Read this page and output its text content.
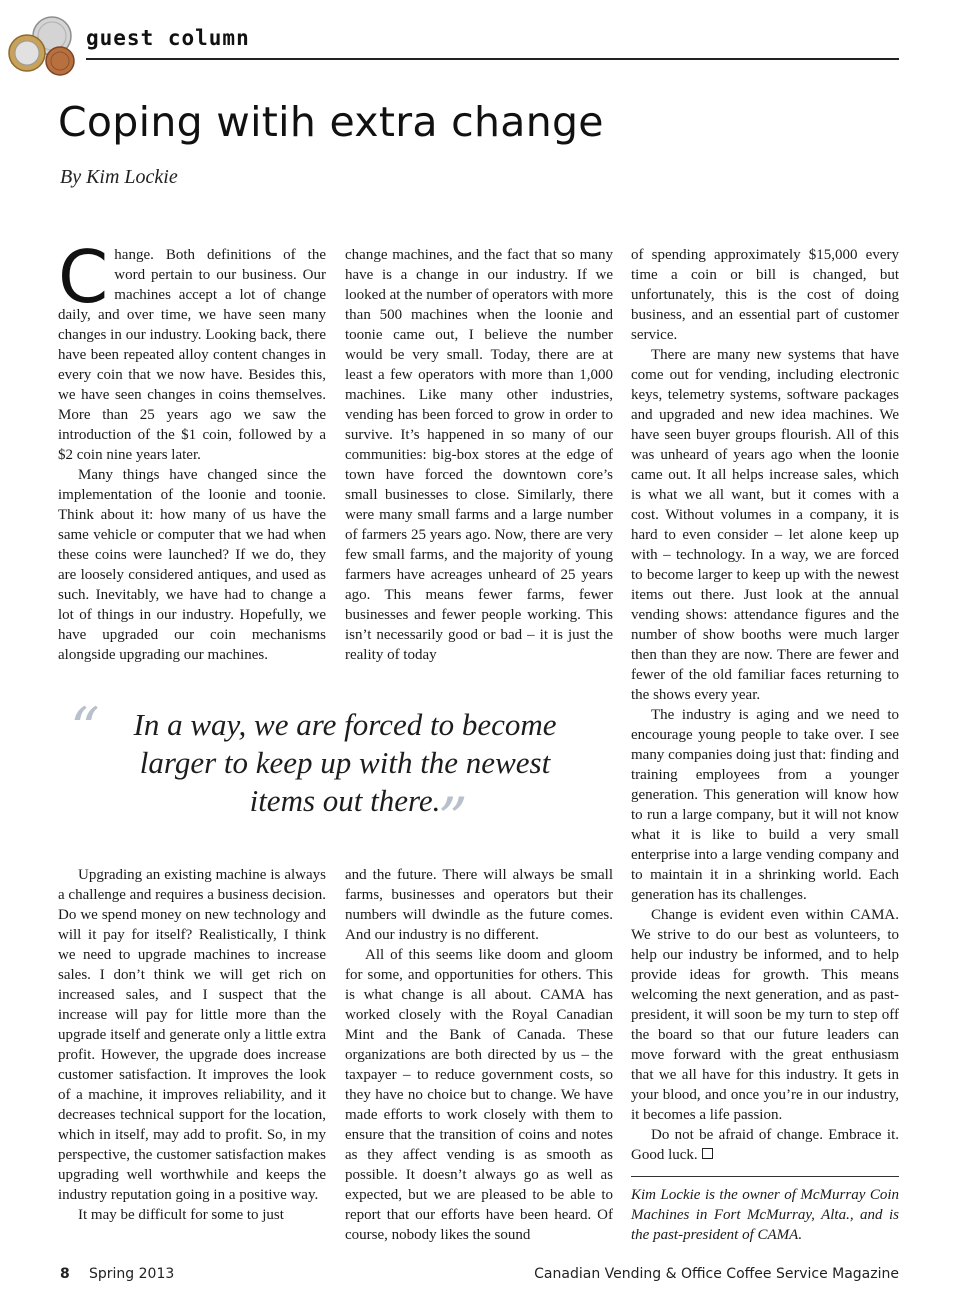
guest column
Coping witih extra change
By Kim Lockie

Change. Both definitions of the word pertain to our business. Our machines accept a lot of change daily, and over time, we have seen many changes in our industry. Looking back, there have been repeated alloy content changes in every coin that we now have. Besides this, we have seen changes in coins themselves. More than 25 years ago we saw the introduction of the $1 coin, followed by a $2 coin nine years later.

Many things have changed since the implementation of the loonie and toonie. Think about it: how many of us have the same vehicle or computer that we had when these coins were launched? If we do, they are loosely considered antiques, and used as such. Inevitably, we have had to change a lot of things in our industry. Hopefully, we have upgraded our coin mechanisms alongside upgrading our machines.

change machines, and the fact that so many have is a change in our industry. If we looked at the number of operators with more than 500 machines when the loonie and toonie came out, I believe the number would be very small. Today, there are at least a few operators with more than 1,000 machines. Like many other industries, vending has been forced to grow in order to survive. It’s happened in so many of our communities: big-box stores at the edge of town have forced the downtown core’s small businesses to close. Similarly, there were many small farms and a large number of farmers 25 years ago. Now, there are very few small farms, and the majority of young farmers have acreages unheard of 25 years ago. This means fewer farms, fewer businesses and fewer people working. This isn’t necessarily good or bad – it is just the reality of today

of spending approximately $15,000 every time a coin or bill is changed, but unfortunately, this is the cost of doing business, and an essential part of customer service.

There are many new systems that have come out for vending, including electronic keys, telemetry systems, software packages and upgraded and new idea machines. We have seen buyer groups flourish. All of this was unheard of years ago when the loonie came out. It all helps increase sales, which is what we all want, but it comes with a cost. Without volumes in a company, it is hard to even consider – let alone keep up with – technology. In a way, we are forced to become larger to keep up with the newest items out there. Just look at the annual vending shows: attendance figures and the number of show booths were much larger then than they are now. There are fewer and fewer of the old familiar faces returning to the shows every year.

The industry is aging and we need to encourage young people to take over. I see many companies doing just that: finding and training employees from a younger generation. This generation will know how to run a large company, but it will not know what it is like to build a very small enterprise into a large vending company and to maintain it in a shrinking world. Each generation has its challenges.

Change is evident even within CAMA. We strive to do our best as volunteers, to help our industry be informed, and to help provide ideas for growth. This means welcoming the next generation, and as past-president, it will soon be my turn to step off the board so that our future leaders can move forward with the great enthusiasm that we all have for this industry. It gets in your blood, and once you’re in our industry, it becomes a life passion.

Do not be afraid of change. Embrace it. Good luck.

“	In a way, we are forced to become larger to keep up with the newest items out there.

”

Upgrading an existing machine is always a challenge and requires a business decision. Do we spend money on new technology and will it pay for itself? Realistically, I think we need to upgrade machines to increase sales. I don’t think we will get rich on increased sales, and I suspect that the increase will pay for little more than the upgrade itself and generate only a little extra profit. However, the upgrade does increase customer satisfaction. It improves the look of a machine, it improves reliability, and it decreases technical support for the location, which in itself, may add to profit. So, in my perspective, the customer satisfaction makes upgrading well worthwhile and keeps the industry reputation going in a positive way.

It may be difficult for some to just

and the future. There will always be small farms, businesses and operators but their numbers will dwindle as the future comes. And our industry is no different.

All of this seems like doom and gloom for some, and opportunities for others. This is what change is all about. CAMA has worked closely with the Royal Canadian Mint and the Bank of Canada. These organizations are both directed by us – the taxpayer – to reduce government costs, so they have no choice but to change. We have made efforts to work closely with them to ensure that the transition of coins and notes as they affect vending is as smooth as possible. It doesn’t always go as well as expected, but we are pleased to be able to report that our efforts have been heard. Of course, nobody likes the sound

Kim Lockie is the owner of McMurray Coin Machines in Fort McMurray, Alta., and is the past-president of CAMA.
8 Spring 2013	Canadian Vending & Office Coffee Service Magazine
